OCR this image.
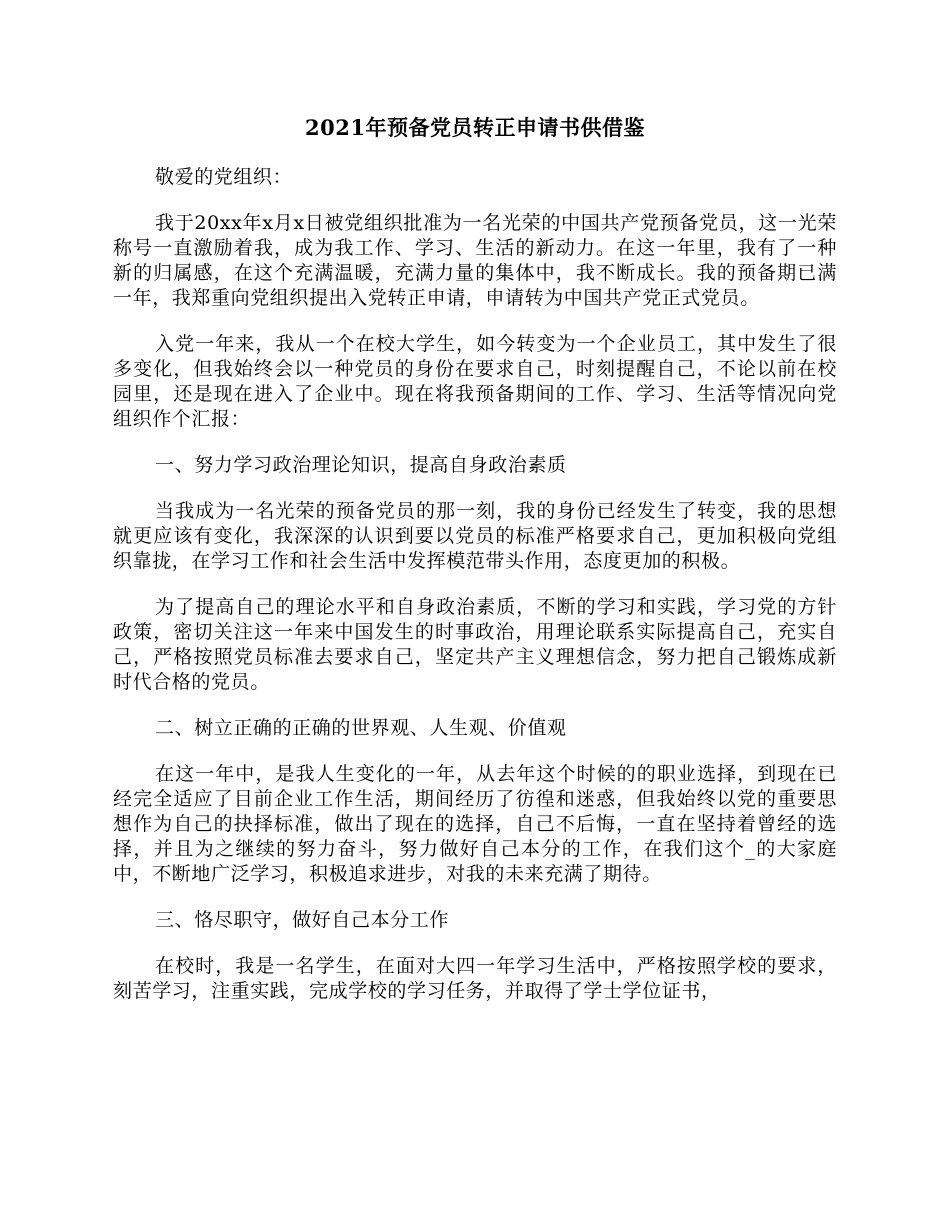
2021年预备党员转正申请书供借鉴

敬爱的党组织：

我于20xx年x月x日被党组织批准为一名光荣的中国共产党预备党员，这一光荣称号一直激励着我，成为我工作、学习、生活的新动力。在这一年里，我有了一种新的归属感，在这个充满温暖，充满力量的集体中，我不断成长。我的预备期已满一年，我郑重向党组织提出入党转正申请，申请转为中国共产党正式党员。

入党一年来，我从一个在校大学生，如今转变为一个企业员工，其中发生了很多变化，但我始终会以一种党员的身份在要求自己，时刻提醒自己，不论以前在校园里，还是现在进入了企业中。现在将我预备期间的工作、学习、生活等情况向党组织作个汇报：

一、努力学习政治理论知识，提高自身政治素质

当我成为一名光荣的预备党员的那一刻，我的身份已经发生了转变，我的思想就更应该有变化，我深深的认识到要以党员的标准严格要求自己，更加积极向党组织靠拢，在学习工作和社会生活中发挥模范带头作用，态度更加的积极。

为了提高自己的理论水平和自身政治素质，不断的学习和实践，学习党的方针政策，密切关注这一年来中国发生的时事政治，用理论联系实际提高自己，充实自己，严格按照党员标准去要求自己，坚定共产主义理想信念，努力把自己锻炼成新时代合格的党员。

二、树立正确的正确的世界观、人生观、价值观

在这一年中，是我人生变化的一年，从去年这个时候的的职业选择，到现在已经完全适应了目前企业工作生活，期间经历了彷徨和迷惑，但我始终以党的重要思想作为自己的抉择标准，做出了现在的选择，自己不后悔，一直在坚持着曾经的选择，并且为之继续的努力奋斗，努力做好自己本分的工作，在我们这个_的大家庭中，不断地广泛学习，积极追求进步，对我的未来充满了期待。

三、恪尽职守，做好自己本分工作

在校时，我是一名学生，在面对大四一年学习生活中，严格按照学校的要求，刻苦学习，注重实践，完成学校的学习任务，并取得了学士学位证书，
